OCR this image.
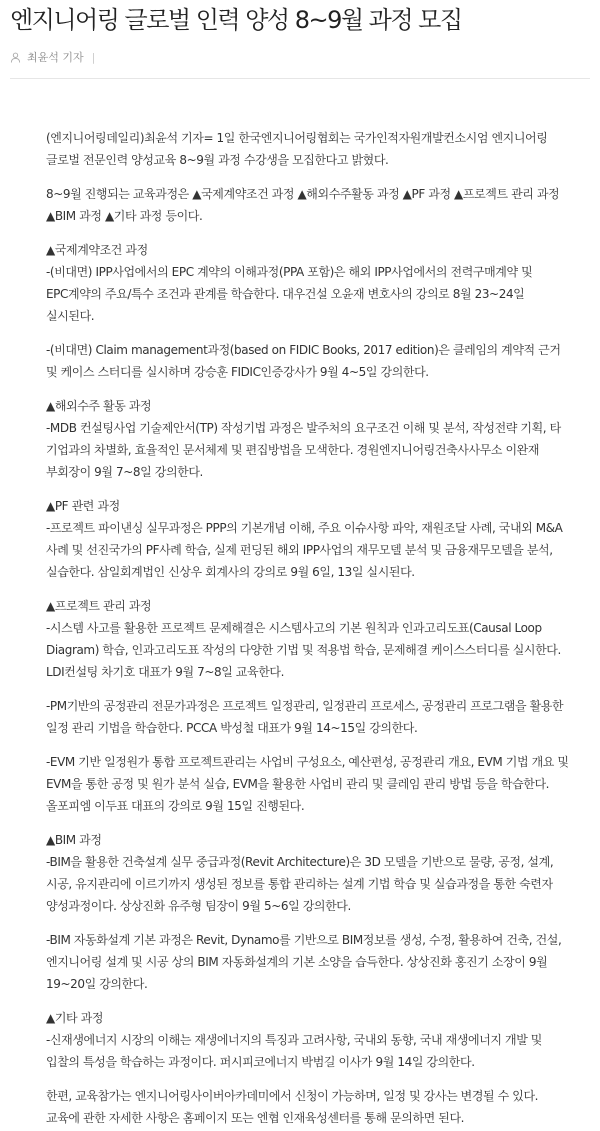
엔지니어링 글로벌 인력 양성 8~9월 과정 모집
최윤석 기자 |

(엔지니어링데일리)최윤석 기자= 1일 한국엔지니어링협회는 국가인적자원개발컨소시엄 엔지니어링 글로벌 전문인력 양성교육 8~9월 과정 수강생을 모집한다고 밝혔다.

8~9월 진행되는 교육과정은 ▲국제계약조건 과정 ▲해외수주활동 과정 ▲PF 과정 ▲프로젝트 관리 과정 ▲BIM 과정 ▲기타 과정 등이다.

▲국제계약조건 과정

-(비대면) IPP사업에서의 EPC 계약의 이해과정(PPA 포함)은 해외 IPP사업에서의 전력구매계약 및 EPC계약의 주요/특수 조건과 관계를 학습한다. 대우건설 오윤재 변호사의 강의로 8월 23~24일 실시된다.

-(비대면) Claim management과정(based on FIDIC Books, 2017 edition)은 클레임의 계약적 근거 및 케이스 스터디를 실시하며 강승훈 FIDIC인증강사가 9월 4~5일 강의한다.

▲해외수주 활동 과정

-MDB 컨설팅사업 기술제안서(TP) 작성기법 과정은 발주처의 요구조건 이해 및 분석, 작성전략 기획, 타 기업과의 차별화, 효율적인 문서체제 및 편집방법을 모색한다. 경원엔지니어링건축사사무소 이완재 부회장이 9월 7~8일 강의한다.

▲PF 관련 과정

-프로젝트 파이낸싱 실무과정은 PPP의 기본개념 이해, 주요 이슈사항 파악, 재원조달 사례, 국내외 M&A 사례 및 선진국가의 PF사례 학습, 실제 펀딩된 해외 IPP사업의 재무모델 분석 및 금융재무모델을 분석, 실습한다. 삼일회계법인 신상우 회계사의 강의로 9월 6일, 13일 실시된다.

▲프로젝트 관리 과정

-시스템 사고를 활용한 프로젝트 문제해결은 시스템사고의 기본 원칙과 인과고리도표(Causal Loop Diagram) 학습, 인과고리도표 작성의 다양한 기법 및 적용법 학습, 문제해결 케이스스터디를 실시한다. LDI컨설팅 차기호 대표가 9월 7~8일 교육한다.

-PM기반의 공정관리 전문가과정은 프로젝트 일정관리, 일정관리 프로세스, 공정관리 프로그램을 활용한 일정 관리 기법을 학습한다. PCCA 박성철 대표가 9월 14~15일 강의한다.

-EVM 기반 일정원가 통합 프로젝트관리는 사업비 구성요소, 예산편성, 공정관리 개요, EVM 기법 개요 및 EVM을 통한 공정 및 원가 분석 실습, EVM을 활용한 사업비 관리 및 클레임 관리 방법 등을 학습한다. 올포피엠 이두표 대표의 강의로 9월 15일 진행된다.

▲BIM 과정

-BIM을 활용한 건축설계 실무 중급과정(Revit Architecture)은 3D 모델을 기반으로 물량, 공정, 설계, 시공, 유지관리에 이르기까지 생성된 정보를 통합 관리하는 설계 기법 학습 및 실습과정을 통한 숙련자 양성과정이다. 상상진화 유주형 팀장이 9월 5~6일 강의한다.

-BIM 자동화설계 기본 과정은 Revit, Dynamo를 기반으로 BIM정보를 생성, 수정, 활용하여 건축, 건설, 엔지니어링 설계 및 시공 상의 BIM 자동화설계의 기본 소양을 습득한다. 상상진화 홍진기 소장이 9월 19~20일 강의한다.

▲기타 과정

-신재생에너지 시장의 이해는 재생에너지의 특징과 고려사항, 국내외 동향, 국내 재생에너지 개발 및 입찰의 특성을 학습하는 과정이다. 퍼시피코에너지 박범길 이사가 9월 14일 강의한다.

한편, 교육참가는 엔지니어링사이버아카데미에서 신청이 가능하며, 일정 및 강사는 변경될 수 있다. 교육에 관한 자세한 사항은 홈페이지 또는 엔협 인재육성센터를 통해 문의하면 된다.
